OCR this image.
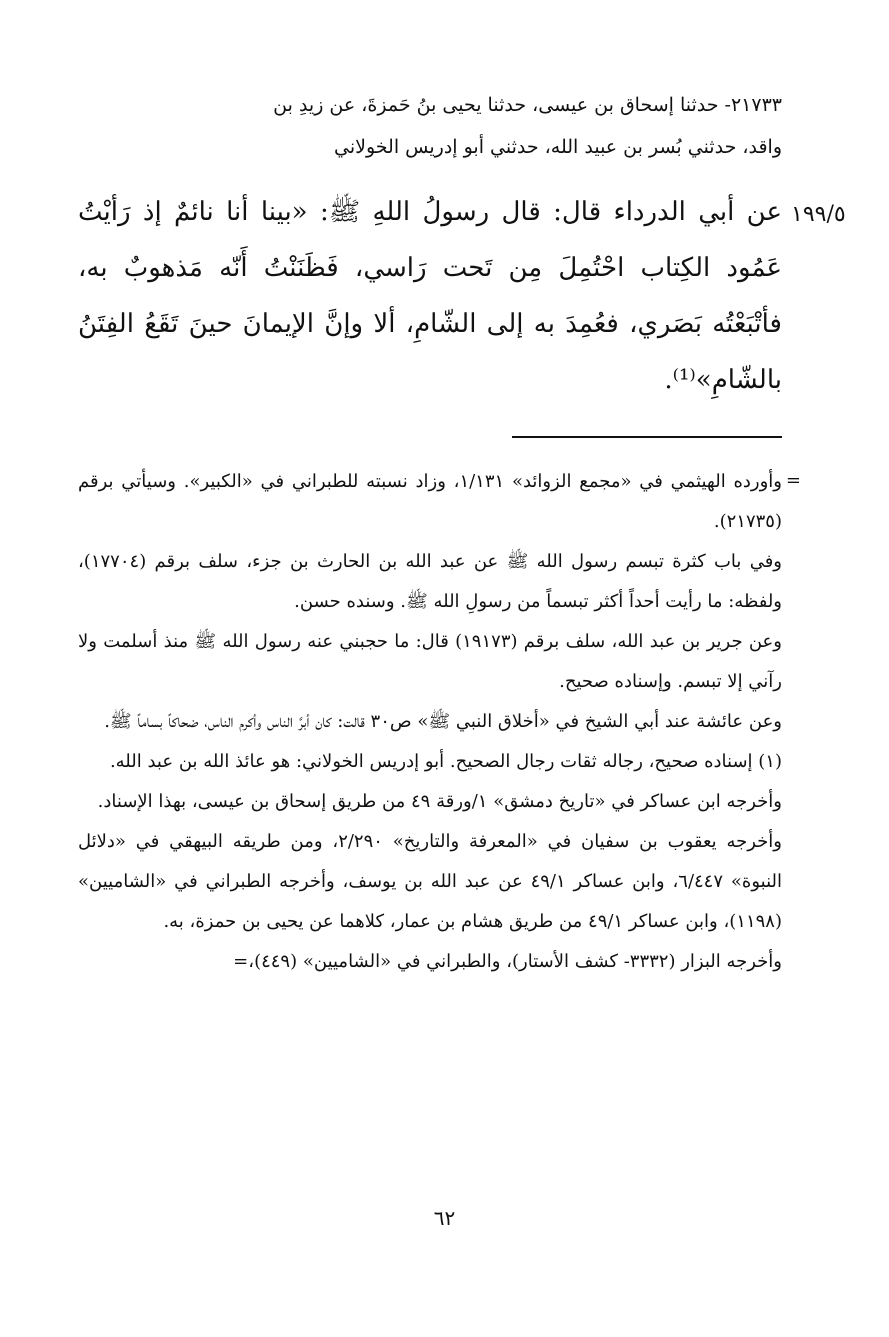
٢١٧٣٣- حدثنا إسحاق بن عيسى، حدثنا يحيى بنُ حَمزةَ، عن زيدِ بن

واقد، حدثني بُسر بن عبيد الله، حدثني أبو إدريس الخولاني

١٩٩/٥

عن أبي الدرداء قال: قال رسولُ اللهِ ﷺ: «بينا أنا نائمٌ إذ رَأيْتُ عَمُود الكِتاب احْتُمِلَ مِن تَحت رَاسي، فَظَنَنْتُ أَنّه مَذهوبٌ به، فأتْبَعْتُه بَصَري، فعُمِدَ به إلى الشّامِ، ألا وإنَّ الإيمانَ حينَ تَقَعُ الفِتَنُ بالشّامِ»⁽¹⁾.

=

وأورده الهيثمي في «مجمع الزوائد» ١/١٣١، وزاد نسبته للطبراني في «الكبير». وسيأتي برقم (٢١٧٣٥).

وفي باب كثرة تبسم رسول الله ﷺ عن عبد الله بن الحارث بن جزء، سلف برقم (١٧٧٠٤)، ولفظه: ما رأيت أحداً أكثر تبسماً من رسولِ الله ﷺ. وسنده حسن.

وعن جرير بن عبد الله، سلف برقم (١٩١٧٣) قال: ما حجبني عنه رسول الله ﷺ منذ أسلمت ولا رآني إلا تبسم. وإسناده صحيح.

وعن عائشة عند أبي الشيخ في «أخلاق النبي ﷺ» ص٣٠ قالت: كان أبرَّ الناس وأكرم الناس، ضحاكاً بساماً ﷺ.

(١) إسناده صحيح، رجاله ثقات رجال الصحيح. أبو إدريس الخولاني: هو عائذ الله بن عبد الله.

وأخرجه ابن عساكر في «تاريخ دمشق» ١/ورقة ٤٩ من طريق إسحاق بن عيسى، بهذا الإسناد.

وأخرجه يعقوب بن سفيان في «المعرفة والتاريخ» ٢/٢٩٠، ومن طريقه البيهقي في «دلائل النبوة» ٦/٤٤٧، وابن عساكر ٤٩/١ عن عبد الله بن يوسف، وأخرجه الطبراني في «الشاميين» (١١٩٨)، وابن عساكر ٤٩/١ من طريق هشام بن عمار، كلاهما عن يحيى بن حمزة، به.

وأخرجه البزار (٣٣٣٢- كشف الأستار)، والطبراني في «الشاميين» (٤٤٩)،=

٦٢
